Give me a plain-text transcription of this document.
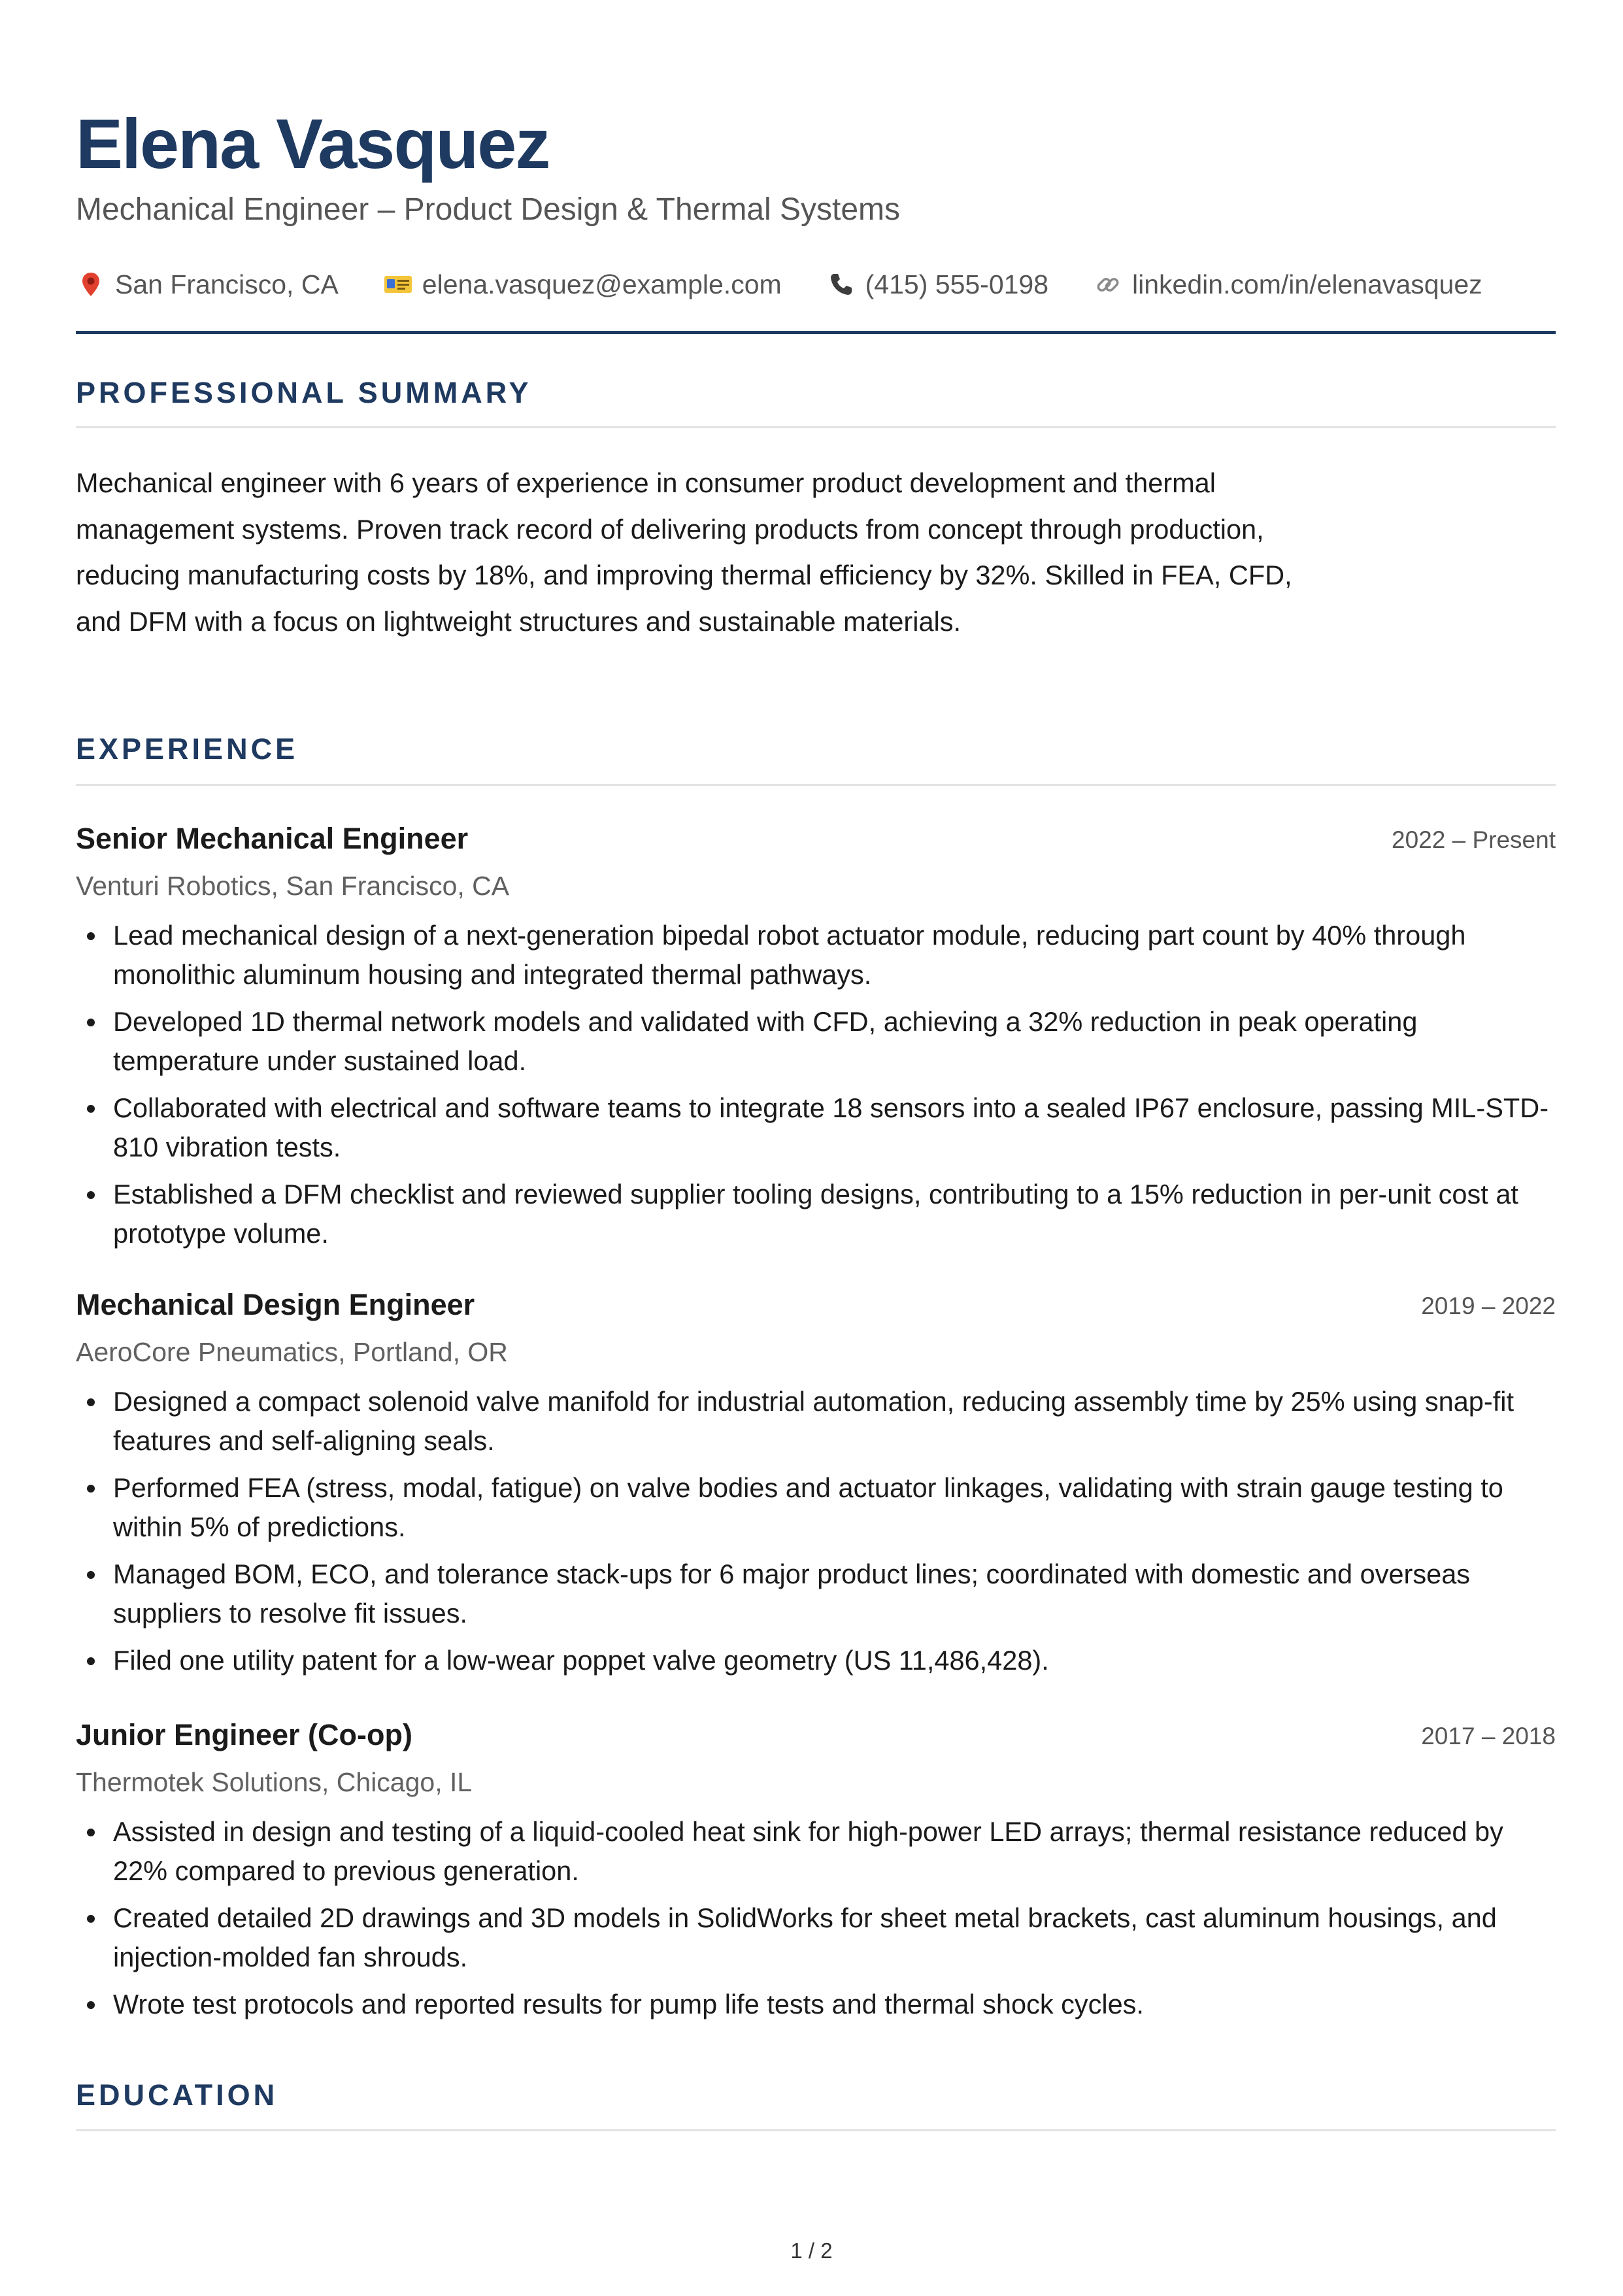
Elena Vasquez
Mechanical Engineer – Product Design & Thermal Systems
San Francisco, CA	elena.vasquez@example.com	(415) 555-0198	linkedin.com/in/elenavasquez
PROFESSIONAL SUMMARY

Mechanical engineer with 6 years of experience in consumer product development and thermal management systems. Proven track record of delivering products from concept through production, reducing manufacturing costs by 18%, and improving thermal efficiency by 32%. Skilled in FEA, CFD, and DFM with a focus on lightweight structures and sustainable materials.

EXPERIENCE
Senior Mechanical Engineer	2022 – Present
Venturi Robotics, San Francisco, CA
Lead mechanical design of a next-generation bipedal robot actuator module, reducing part count by 40% through monolithic aluminum housing and integrated thermal pathways.
Developed 1D thermal network models and validated with CFD, achieving a 32% reduction in peak operating temperature under sustained load.
Collaborated with electrical and software teams to integrate 18 sensors into a sealed IP67 enclosure, passing MIL-STD-810 vibration tests.
Established a DFM checklist and reviewed supplier tooling designs, contributing to a 15% reduction in per-unit cost at prototype volume.
Mechanical Design Engineer	2019 – 2022
AeroCore Pneumatics, Portland, OR
Designed a compact solenoid valve manifold for industrial automation, reducing assembly time by 25% using snap-fit features and self-aligning seals.
Performed FEA (stress, modal, fatigue) on valve bodies and actuator linkages, validating with strain gauge testing to within 5% of predictions.
Managed BOM, ECO, and tolerance stack-ups for 6 major product lines; coordinated with domestic and overseas suppliers to resolve fit issues.
Filed one utility patent for a low-wear poppet valve geometry (US 11,486,428).
Junior Engineer (Co-op)	2017 – 2018
Thermotek Solutions, Chicago, IL
Assisted in design and testing of a liquid-cooled heat sink for high-power LED arrays; thermal resistance reduced by 22% compared to previous generation.
Created detailed 2D drawings and 3D models in SolidWorks for sheet metal brackets, cast aluminum housings, and injection-molded fan shrouds.
Wrote test protocols and reported results for pump life tests and thermal shock cycles.
EDUCATION
1 / 2
